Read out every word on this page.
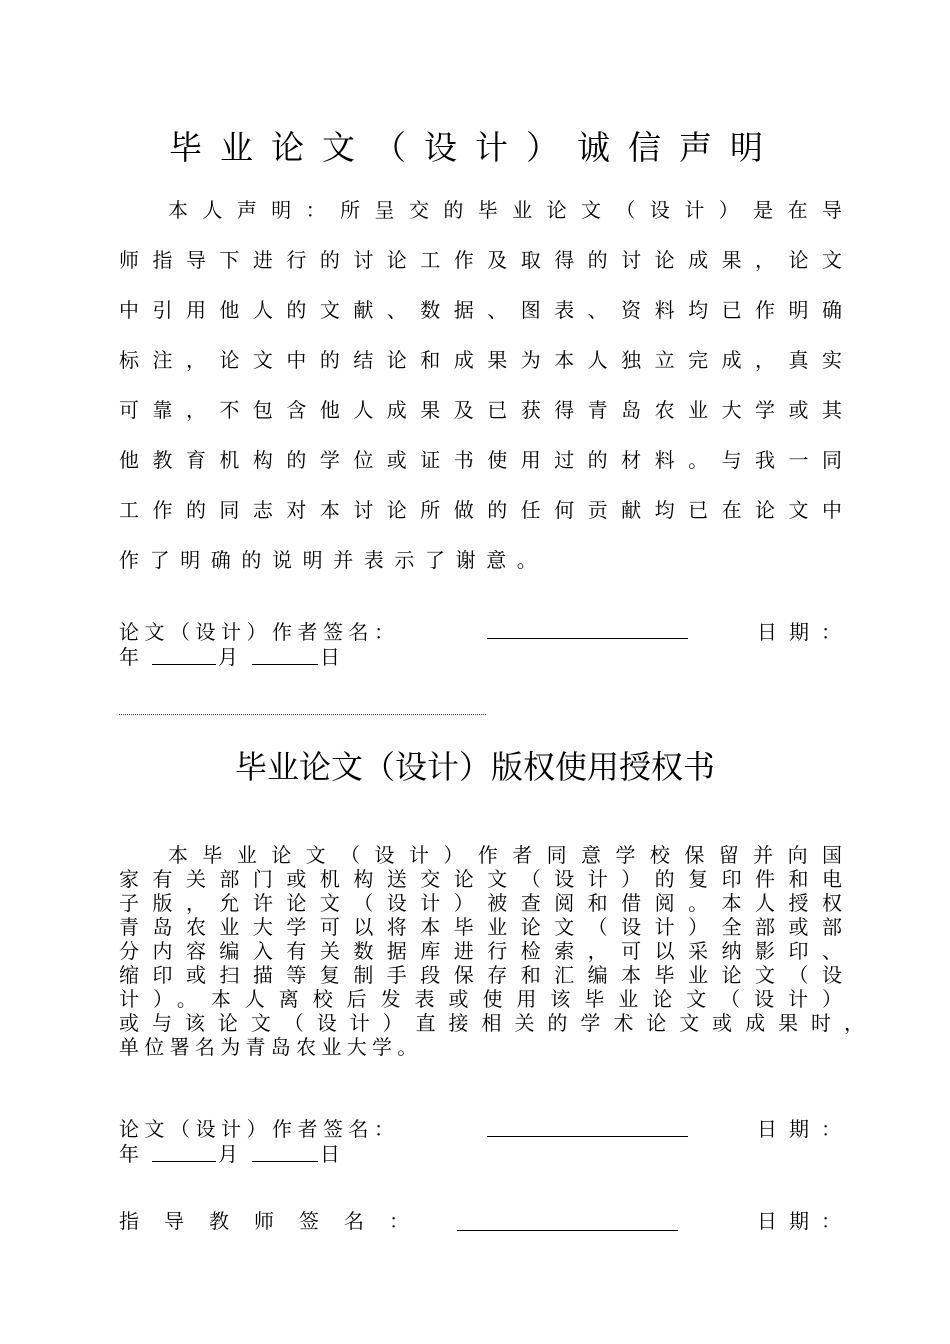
毕业论文（设计）诚信声明
本人声明：所呈交的毕业论文（设计）是在导
师指导下进行的讨论工作及取得的讨论成果，论文
中引用他人的文献、数据、图表、资料均已作明确
标注，论文中的结论和成果为本人独立完成，真实
可靠，不包含他人成果及已获得青岛农业大学或其
他教育机构的学位或证书使用过的材料。与我一同
工作的同志对本讨论所做的任何贡献均已在论文中
作了明确的说明并表示了谢意。
论文（设计）作者签名：	日期：
年	月	日
毕业论文（设计）版权使用授权书
本毕业论文（设计）作者同意学校保留并向国
家有关部门或机构送交论文（设计）的复印件和电
子版，允许论文（设计）被查阅和借阅。本人授权
青岛农业大学可以将本毕业论文（设计）全部或部
分内容编入有关数据库进行检索，可以采纳影印、
缩印或扫描等复制手段保存和汇编本毕业论文（设
计）。本人离校后发表或使用该毕业论文（设计）
或与该论文（设计）直接相关的学术论文或成果时，
单位署名为青岛农业大学。
论文（设计）作者签名：	日期：
年	月	日
指导教师签名：	日期：
